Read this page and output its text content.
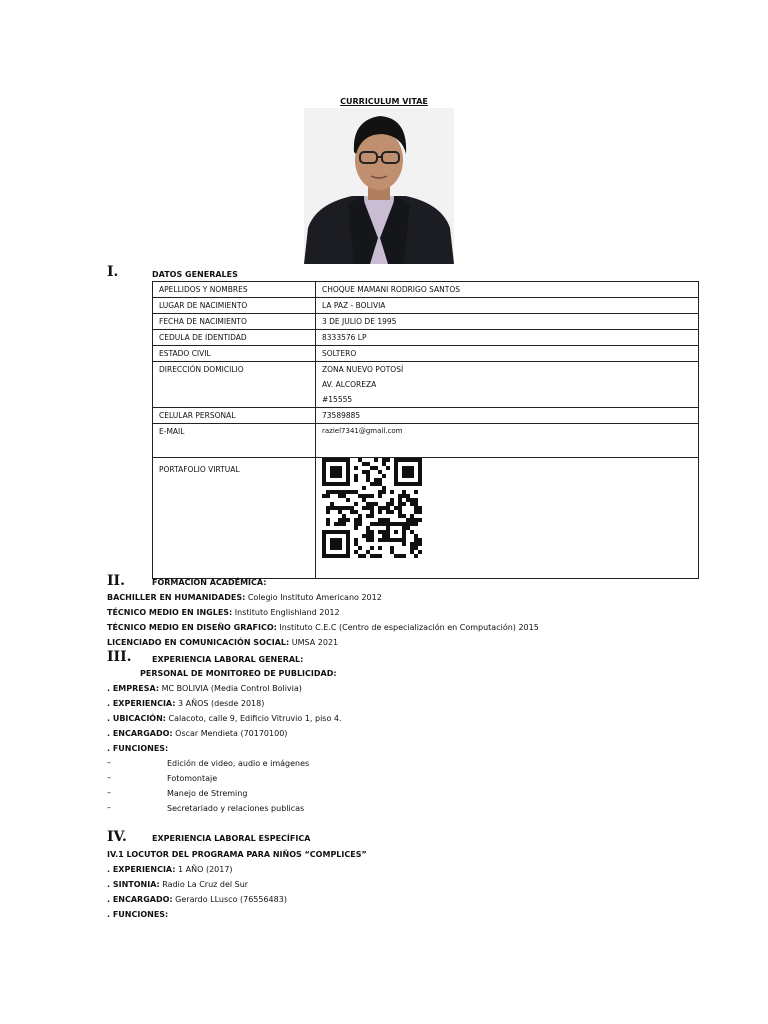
CURRICULUM VITAE
I.	DATOS GENERALES
APELLIDOS Y NOMBRES	CHOQUE MAMANI RODRIGO SANTOS
LUGAR DE NACIMIENTO	LA PAZ - BOLIVIA
FECHA DE NACIMIENTO	3 DE JULIO DE 1995
CEDULA DE IDENTIDAD	8333576 LP
ESTADO CIVIL	SOLTERO
DIRECCIÓN DOMICILIO	ZONA NUEVO POTOSÍ
AV. ALCOREZA
#15555

CELULAR PERSONAL	73589885
E-MAIL	raziel7341@gmail.com
PORTAFOLIO VIRTUAL	
II.	FORMACION ACADÉMICA:
BACHILLER EN HUMANIDADES: Colegio Instituto Americano 2012
TÉCNICO MEDIO EN INGLES: Instituto Englishland 2012
TÉCNICO MEDIO EN DISEÑO GRAFICO: Instituto C.E.C (Centro de especialización en Computación) 2015
LICENCIADO EN COMUNICACIÓN SOCIAL: UMSA 2021
III.	EXPERIENCIA LABORAL GENERAL:
PERSONAL DE MONITOREO DE PUBLICIDAD:
. EMPRESA: MC BOLIVIA (Media Control Bolivia)
. EXPERIENCIA: 3 AÑOS (desde 2018)
. UBICACIÓN: Calacoto, calle 9, Edificio Vitruvio 1, piso 4.
. ENCARGADO: Oscar Mendieta (70170100)
. FUNCIONES:
–	Edición de video, audio e imágenes
–	Fotomontaje
–	Manejo de Streming
–	Secretariado y relaciones publicas
IV.	EXPERIENCIA LABORAL ESPECÍFICA
IV.1 LOCUTOR DEL PROGRAMA PARA NIÑOS “COMPLICES”
. EXPERIENCIA: 1 AÑO (2017)
. SINTONIA: Radio La Cruz del Sur
. ENCARGADO: Gerardo LLusco (76556483)
. FUNCIONES:
